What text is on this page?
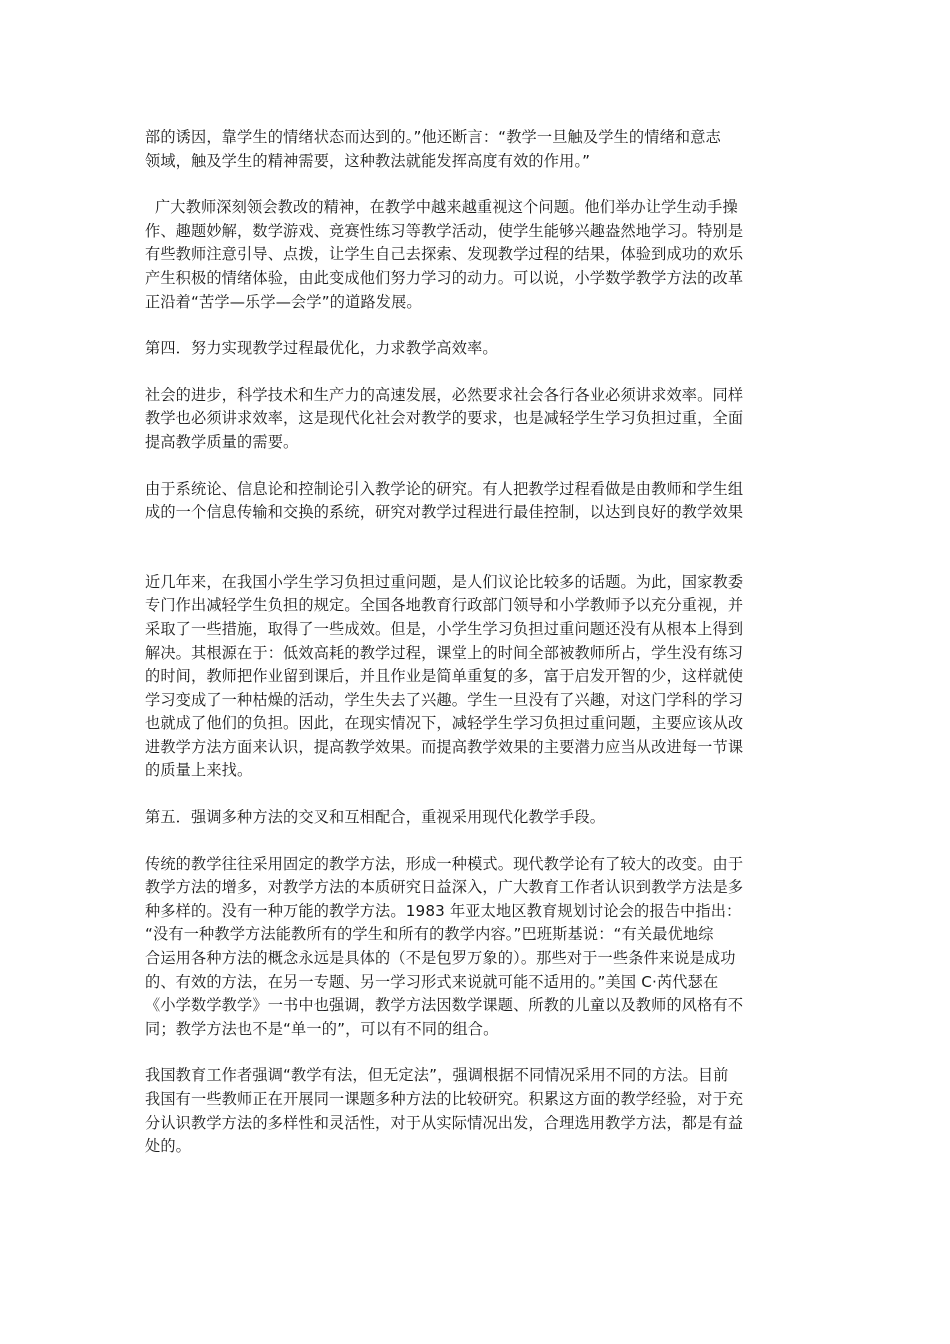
部的诱因，靠学生的情绪状态而达到的。”他还断言：“教学一旦触及学生的情绪和意志
领域，触及学生的精神需要，这种教法就能发挥高度有效的作用。”
广大教师深刻领会教改的精神，在教学中越来越重视这个问题。他们举办让学生动手操
作、趣题妙解，数学游戏、竞赛性练习等教学活动，使学生能够兴趣盎然地学习。特别是
有些教师注意引导、点拨，让学生自己去探索、发现教学过程的结果，体验到成功的欢乐
产生积极的情绪体验，由此变成他们努力学习的动力。可以说，小学数学教学方法的改革
正沿着“苦学—乐学—会学”的道路发展。
第四．努力实现教学过程最优化，力求教学高效率。
社会的进步，科学技术和生产力的高速发展，必然要求社会各行各业必须讲求效率。同样
教学也必须讲求效率，这是现代化社会对教学的要求，也是减轻学生学习负担过重，全面
提高教学质量的需要。
由于系统论、信息论和控制论引入教学论的研究。有人把教学过程看做是由教师和学生组
成的一个信息传输和交换的系统，研究对教学过程进行最佳控制，以达到良好的教学效果
近几年来，在我国小学生学习负担过重问题，是人们议论比较多的话题。为此，国家教委
专门作出减轻学生负担的规定。全国各地教育行政部门领导和小学教师予以充分重视，并
采取了一些措施，取得了一些成效。但是，小学生学习负担过重问题还没有从根本上得到
解决。其根源在于：低效高耗的教学过程，课堂上的时间全部被教师所占，学生没有练习
的时间，教师把作业留到课后，并且作业是简单重复的多，富于启发开智的少，这样就使
学习变成了一种枯燥的活动，学生失去了兴趣。学生一旦没有了兴趣，对这门学科的学习
也就成了他们的负担。因此，在现实情况下，减轻学生学习负担过重问题，主要应该从改
进教学方法方面来认识，提高教学效果。而提高教学效果的主要潜力应当从改进每一节课
的质量上来找。
第五．强调多种方法的交叉和互相配合，重视采用现代化教学手段。
传统的教学往往采用固定的教学方法，形成一种模式。现代教学论有了较大的改变。由于
教学方法的增多，对教学方法的本质研究日益深入，广大教育工作者认识到教学方法是多
种多样的。没有一种万能的教学方法。1983 年亚太地区教育规划讨论会的报告中指出：
“没有一种教学方法能教所有的学生和所有的教学内容。”巴班斯基说：“有关最优地综
合运用各种方法的概念永远是具体的（不是包罗万象的）。那些对于一些条件来说是成功
的、有效的方法，在另一专题、另一学习形式来说就可能不适用的。”美国 C·芮代瑟在
《小学数学教学》一书中也强调，教学方法因数学课题、所教的儿童以及教师的风格有不
同；教学方法也不是“单一的”，可以有不同的组合。
我国教育工作者强调“教学有法，但无定法”，强调根据不同情况采用不同的方法。目前
我国有一些教师正在开展同一课题多种方法的比较研究。积累这方面的教学经验，对于充
分认识教学方法的多样性和灵活性，对于从实际情况出发，合理选用教学方法，都是有益
处的。
